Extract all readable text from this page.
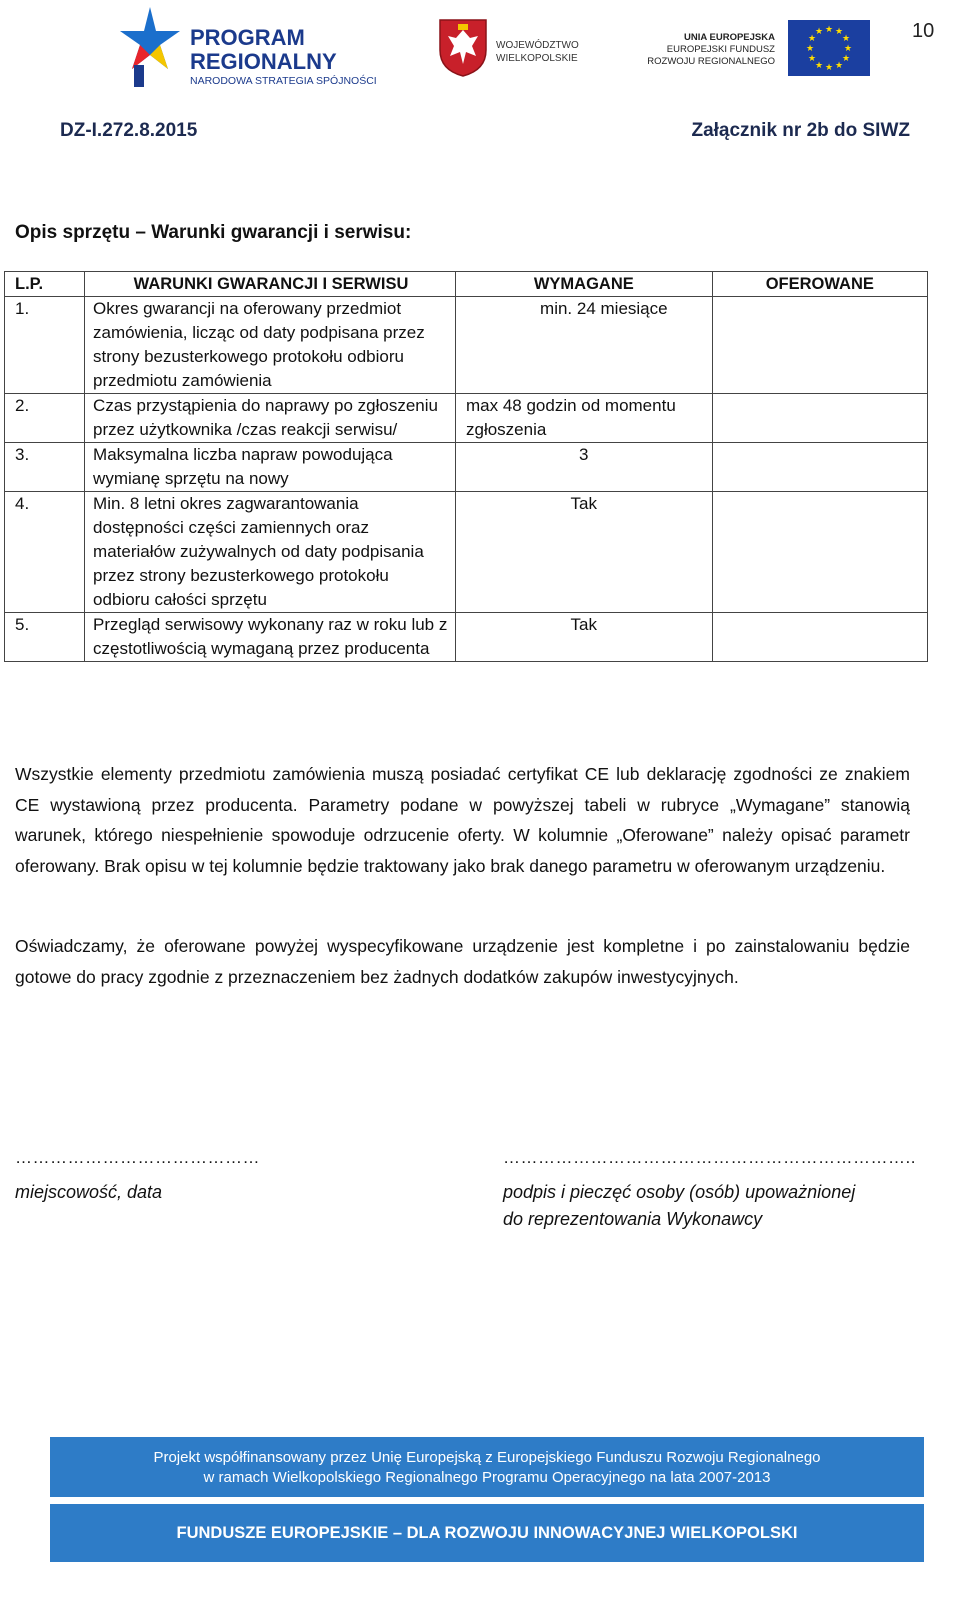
PROGRAM
REGIONALNY
NARODOWA STRATEGIA SPÓJNOŚCI
WOJEWÓDZTWO
WIELKOPOLSKIE
UNIA EUROPEJSKA
EUROPEJSKI FUNDUSZ
ROZWOJU REGIONALNEGO
★ ★
★
★
★
★
★
★
★
★
★
★	10
DZ-I.272.8.2015	Załącznik nr 2b do SIWZ
Opis sprzętu – Warunki gwarancji i serwisu:
L.P.	WARUNKI GWARANCJI I SERWISU	WYMAGANE	OFEROWANE
1.	Okres gwarancji na oferowany przedmiot zamówienia, licząc od daty podpisana przez strony bezusterkowego protokołu odbioru przedmiotu zamówienia	min. 24 miesiące	
2.	Czas przystąpienia do naprawy po zgłoszeniu przez użytkownika /czas reakcji serwisu/	max 48 godzin od momentu zgłoszenia	
3.	Maksymalna liczba napraw powodująca wymianę sprzętu na nowy	3	
4.	Min. 8 letni okres zagwarantowania dostępności części zamiennych oraz materiałów zużywalnych od daty podpisania przez strony bezusterkowego protokołu odbioru całości sprzętu	Tak	
5.	Przegląd serwisowy wykonany raz w roku lub z częstotliwością wymaganą przez producenta	Tak	
Wszystkie elementy przedmiotu zamówienia muszą posiadać certyfikat CE lub deklarację zgodności ze znakiem CE wystawioną przez producenta. Parametry podane w powyższej tabeli w rubryce „Wymagane” stanowią warunek, którego niespełnienie spowoduje odrzucenie oferty. W kolumnie „Oferowane” należy opisać parametr oferowany. Brak opisu w tej kolumnie będzie traktowany jako brak danego parametru w oferowanym urządzeniu.
Oświadczamy, że oferowane powyżej wyspecyfikowane urządzenie jest kompletne i po zainstalowaniu będzie gotowe do pracy zgodnie z przeznaczeniem bez żadnych dodatków zakupów inwestycyjnych.
……………………………………	……………………………………………………………..
miejscowość, data	podpis i pieczęć osoby (osób) upoważnionej
do reprezentowania Wykonawcy
Projekt współfinansowany przez Unię Europejską z Europejskiego Funduszu Rozwoju Regionalnego
w ramach Wielkopolskiego Regionalnego Programu Operacyjnego na lata 2007-2013
FUNDUSZE EUROPEJSKIE – DLA ROZWOJU INNOWACYJNEJ WIELKOPOLSKI
